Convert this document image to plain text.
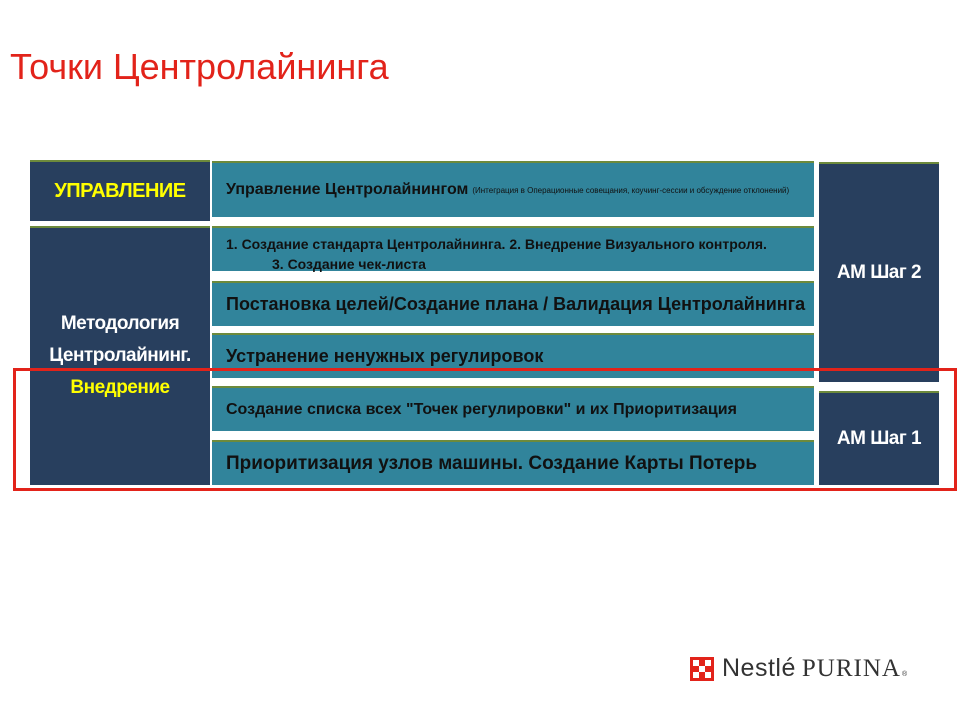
Точки Центролайнинга
УПРАВЛЕНИЕ
Методология
Центролайнинг.
Внедрение
Управление Центролайнингом (Интеграция в Операционные совещания, коучинг-сессии и обсуждение отклонений)
1. Создание стандарта Центролайнинга. 2. Внедрение Визуального контроля.
3. Создание чек-листа
Постановка целей/Создание плана / Валидация Центролайнинга
Устранение ненужных регулировок
Создание списка всех "Точек регулировки" и их Приоритизация
Приоритизация узлов машины. Создание Карты Потерь
AM Шаг 2
AM Шаг 1
Nestlé PURINA ®
